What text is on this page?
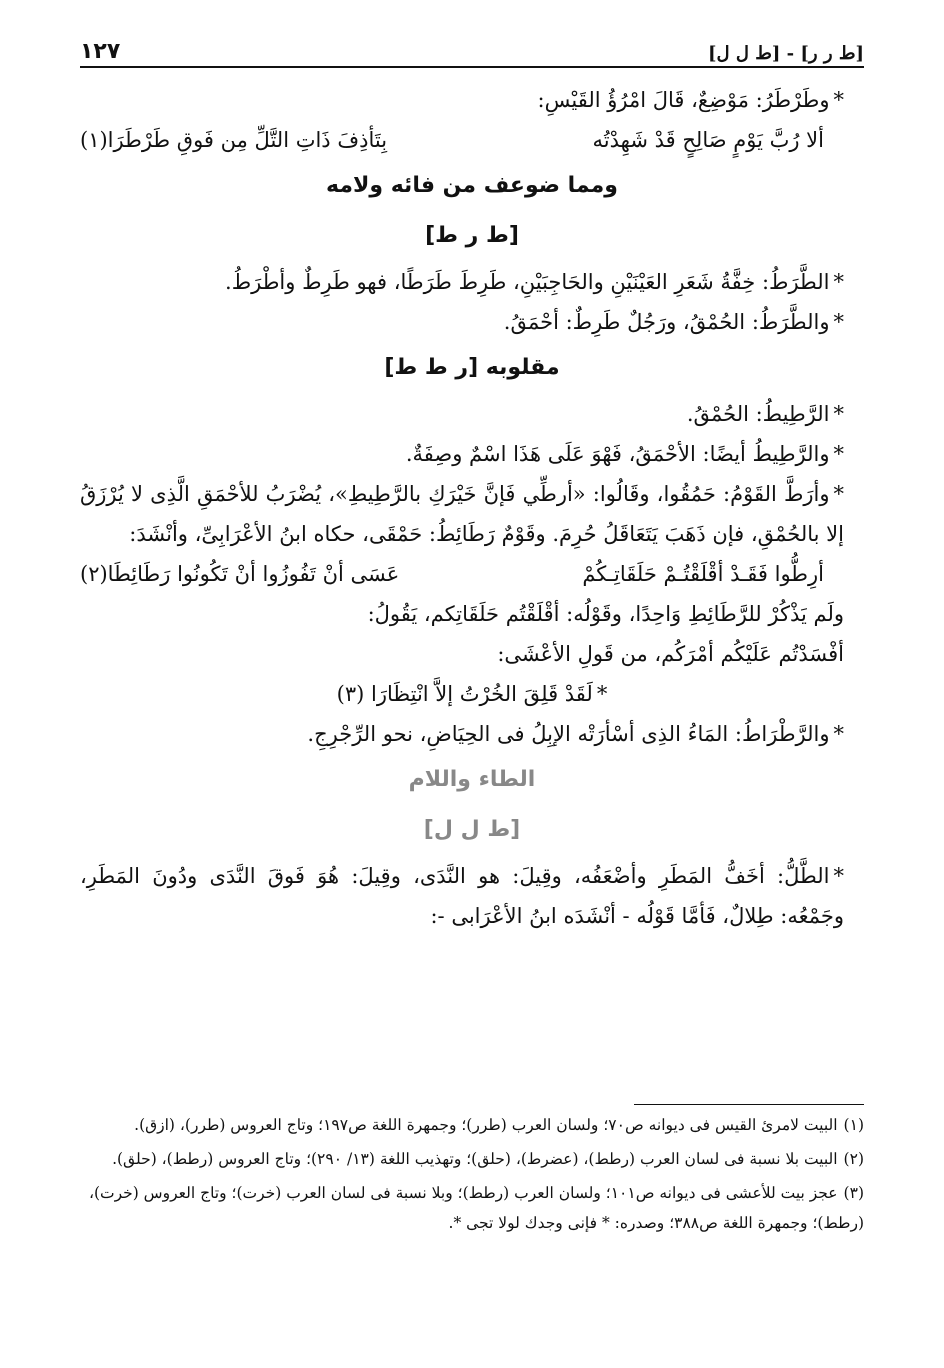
[ط ر ر] - [ط ل ل]
١٢٧

*وطَرْطَرُ: مَوْضِعٌ، قَالَ امْرُؤُ القَيْسِ:

ألا رُبَّ يَوْمٍ صَالِحٍ قَدْ شَهِدْتُه
بِتَأذِفَ ذَاتِ التَّلِّ مِن فَوقِ طَرْطَرَا(١)
ومما ضوعف من فائه ولامه
[ط ر ط]

*الطَّرَطُ: خِفَّةُ شَعَرِ العَيْنَيْنِ والحَاجِبَيْنِ، طَرِطَ طَرَطًا، فهو طَرِطٌ وأطْرَطُ.

*والطَّرَطُ: الحُمْقُ، ورَجُلٌ طَرِطٌ: أحْمَقُ.

مقلوبه [ر ط ط]

*الرَّطِيطُ: الحُمْقُ.

*والرَّطِيطُ أيضًا: الأحْمَقُ، فَهْوَ عَلَى هَذَا اسْمٌ وصِفَةٌ.

*وأرَطَّ القَوْمُ: حَمُقُوا، وقَالُوا: «أرطِّي فَإنَّ خَيْرَكِ بالرَّطِيطِ»، يُضْرَبُ للأحْمَقِ الَّذِى لا يُرْزَقُ إلا بالحُمْقِ، فإن ذَهَبَ يَتَعَاقَلُ حُرِمَ. وقَوْمٌ رَطَائِطُ: حَمْقَى، حكاه ابنُ الأعْرَابِىِّ، وأنْشَدَ:

أرِطُّوا فَقَـدْ أقْلَقْتُـمْ حَلَقَاتِـكُمْ
عَسَى أنْ تَفُوزُوا أنْ تَكُونُوا رَطَائِطَا(٢)

ولَم يَذْكُرْ للرَّطَائِطِ وَاحِدًا، وقَوْلُه: أقْلَقْتُم حَلَقَاتِكم، يَقُولُ:

أفْسَدْتُم عَلَيْكُم أمْرَكُم، من قَولِ الأعْشَى:

*
لَقَدْ قَلِقَ الخُرْتُ إلاَّ انْتِظَارَا (٣)

*والرَّطْرَاطُ: المَاءُ الذِى أسْأرَتْه الإبِلُ فى الحِيَاضِ، نحو الرِّجْرِجِ.

الطاء واللام
[ط ل ل]

*الطَّلُّ: أخَفُّ المَطَرِ وأضْعَفُه، وقِيلَ: هو النَّدَى، وقِيلَ: هُوَ فَوقَ النَّدَى ودُونَ المَطَرِ، وجَمْعُه: طِلالٌ، فَأمَّا قَوْلُه - أنْشَدَه ابنُ الأعْرَابى -:

(١)البيت لامرئ القيس فى ديوانه ص٧٠؛ ولسان العرب (طرر)؛ وجمهرة اللغة ص١٩٧؛ وتاج العروس (طرر)، (ازق).

(٢)البيت بلا نسبة فى لسان العرب (رطط)، (عضرط)، (حلق)؛ وتهذيب اللغة (١٣/ ٢٩٠)؛ وتاج العروس (رطط)، (حلق).

(٣)عجز بيت للأعشى فى ديوانه ص١٠١؛ ولسان العرب (رطط)؛ وبلا نسبة فى لسان العرب (خرت)؛ وتاج العروس (خرت)، (رطط)؛ وجمهرة اللغة ص٣٨٨؛ وصدره: * فإنى وجدك لولا تجى *.
